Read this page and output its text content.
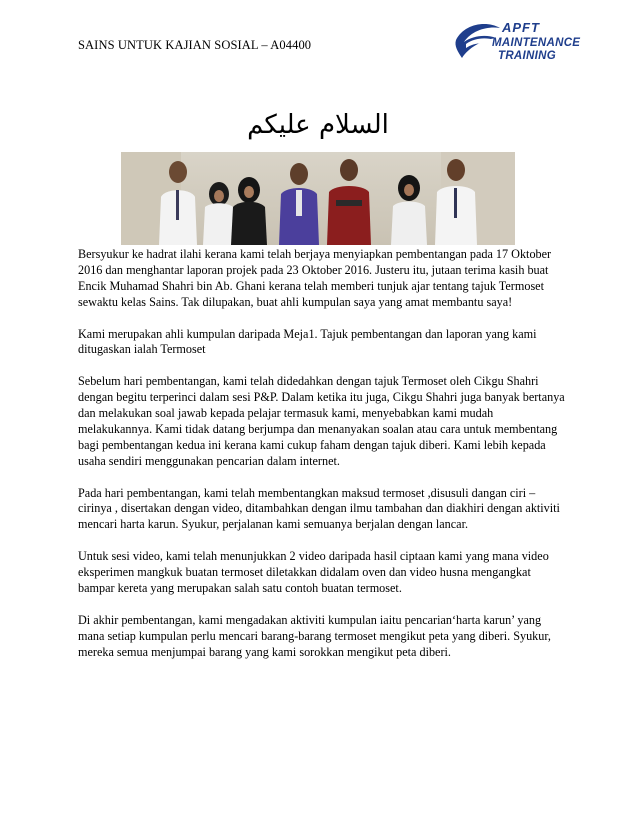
SAINS UNTUK KAJIAN SOSIAL – A04400
APFT
MAINTENANCE
TRAINING
السلام عليكم

Bersyukur ke hadrat ilahi kerana kami telah berjaya menyiapkan pembentangan pada 17 Oktober 2016 dan menghantar laporan projek pada 23 Oktober 2016. Justeru itu, jutaan terima kasih buat Encik Muhamad Shahri bin Ab. Ghani kerana telah memberi tunjuk ajar tentang tajuk Termoset sewaktu kelas Sains. Tak dilupakan, buat ahli kumpulan saya yang amat membantu saya!

Kami merupakan ahli kumpulan daripada Meja1. Tajuk pembentangan dan laporan yang kami ditugaskan ialah Termoset

Sebelum hari pembentangan, kami telah didedahkan dengan tajuk Termoset oleh Cikgu Shahri dengan begitu terperinci dalam sesi P&P. Dalam ketika itu juga, Cikgu Shahri juga banyak bertanya dan melakukan soal jawab kepada pelajar termasuk kami, menyebabkan kami mudah melakukannya. Kami tidak datang berjumpa dan menanyakan soalan atau cara untuk membentang bagi pembentangan kedua ini kerana kami cukup faham dengan tajuk diberi. Kami lebih kepada usaha sendiri menggunakan pencarian dalam internet.

Pada hari pembentangan, kami telah membentangkan maksud termoset ,disusuli dangan ciri – cirinya , disertakan dengan video, ditambahkan dengan ilmu tambahan dan diakhiri dengan aktiviti mencari harta karun. Syukur, perjalanan kami semuanya berjalan dengan lancar.

Untuk sesi video, kami telah menunjukkan 2 video daripada hasil ciptaan kami yang mana video eksperimen mangkuk buatan termoset diletakkan didalam oven dan video husna mengangkat bampar kereta yang merupakan salah satu contoh buatan termoset.

Di akhir pembentangan, kami mengadakan aktiviti kumpulan iaitu pencarian‘harta karun’ yang mana setiap kumpulan perlu mencari barang-barang termoset mengikut peta yang diberi. Syukur, mereka semua menjumpai barang yang kami sorokkan mengikut peta diberi.
